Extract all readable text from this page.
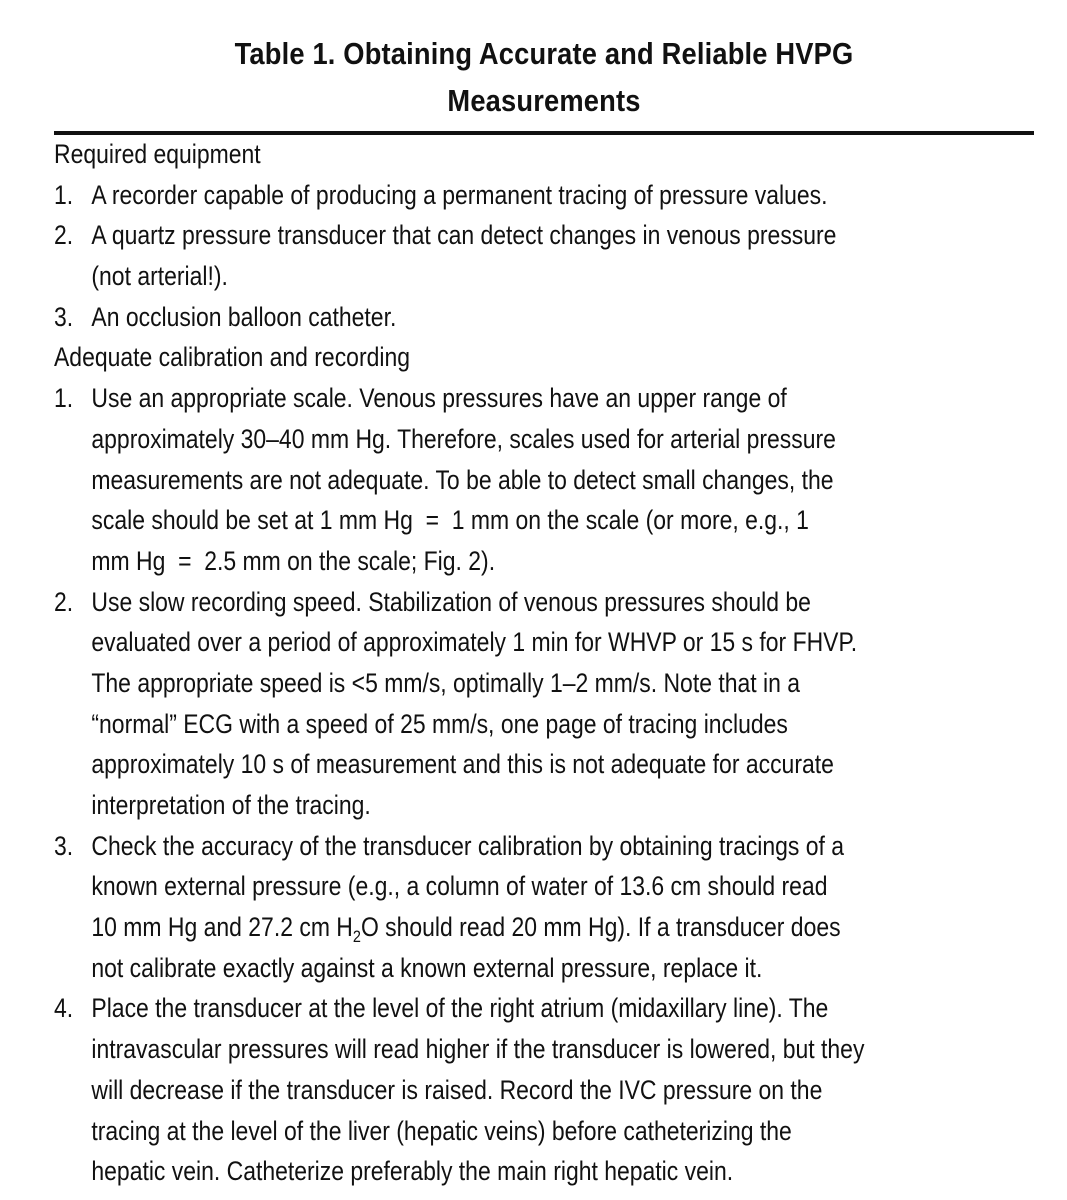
Table 1. Obtaining Accurate and Reliable HVPG
Measurements
Required equipment
1. A recorder capable of producing a permanent tracing of pressure values.
2. A quartz pressure transducer that can detect changes in venous pressure
(not arterial!).
3. An occlusion balloon catheter.
Adequate calibration and recording
1. Use an appropriate scale. Venous pressures have an upper range of
approximately 30–40 mm Hg. Therefore, scales used for arterial pressure
measurements are not adequate. To be able to detect small changes, the
scale should be set at 1 mm Hg  =  1 mm on the scale (or more, e.g., 1
mm Hg  =  2.5 mm on the scale; Fig. 2).
2. Use slow recording speed. Stabilization of venous pressures should be
evaluated over a period of approximately 1 min for WHVP or 15 s for FHVP.
The appropriate speed is <5 mm/s, optimally 1–2 mm/s. Note that in a
“normal” ECG with a speed of 25 mm/s, one page of tracing includes
approximately 10 s of measurement and this is not adequate for accurate
interpretation of the tracing.
3. Check the accuracy of the transducer calibration by obtaining tracings of a
known external pressure (e.g., a column of water of 13.6 cm should read
10 mm Hg and 27.2 cm $H_2O$ should read 20 mm Hg). If a transducer does
not calibrate exactly against a known external pressure, replace it.
4. Place the transducer at the level of the right atrium (midaxillary line). The
intravascular pressures will read higher if the transducer is lowered, but they
will decrease if the transducer is raised. Record the IVC pressure on the
tracing at the level of the liver (hepatic veins) before catheterizing the
hepatic vein. Catheterize preferably the main right hepatic vein.
